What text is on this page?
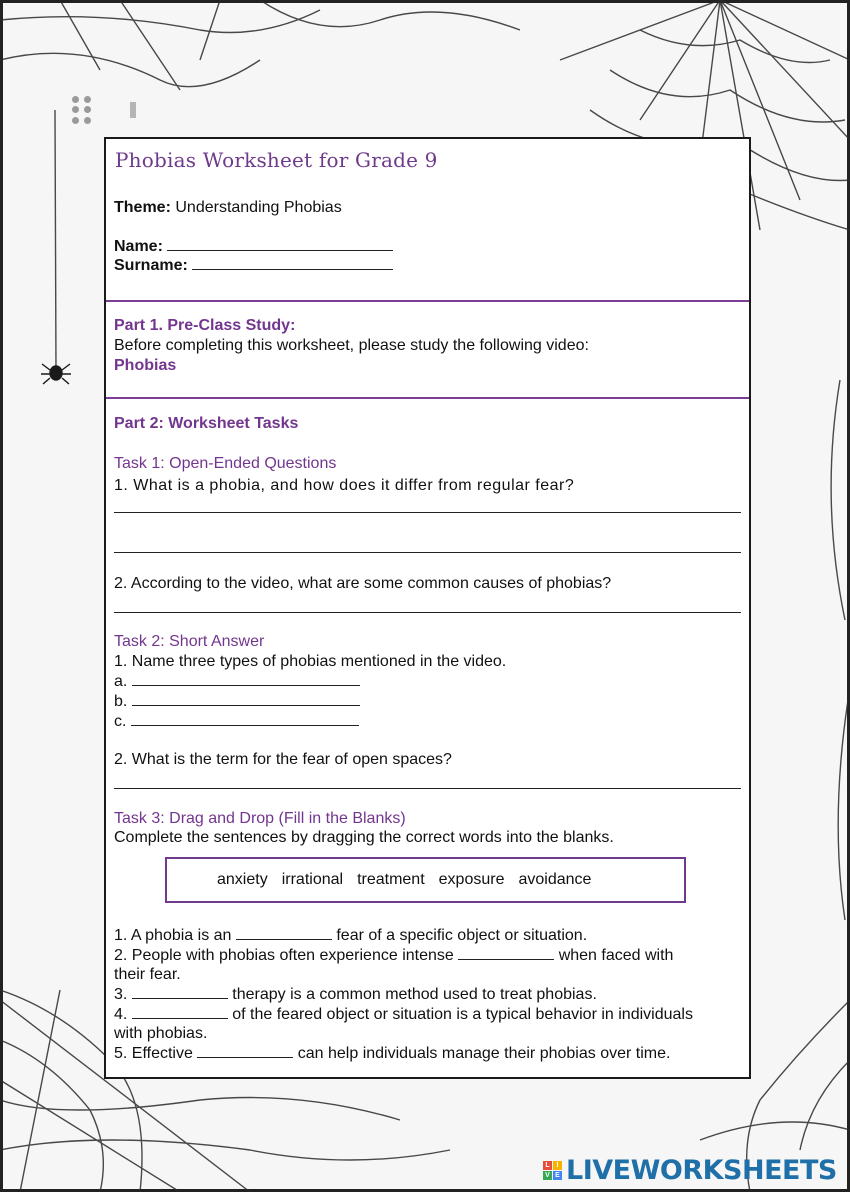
Phobias Worksheet for Grade 9
Theme: Understanding Phobias
Name:
Surname:
Part 1. Pre-Class Study:
Before completing this worksheet, please study the following video:
Phobias
Part 2: Worksheet Tasks
Task 1: Open-Ended Questions
1. What is a phobia, and how does it differ from regular fear?
2. According to the video, what are some common causes of phobias?
Task 2: Short Answer
1. Name three types of phobias mentioned in the video.
a.
b.
c.
2. What is the term for the fear of open spaces?
Task 3: Drag and Drop (Fill in the Blanks)
Complete the sentences by dragging the correct words into the blanks.
anxiety irrational treatment exposure avoidance
1. A phobia is an	fear of a specific object or situation.
2. People with phobias often experience intense	when faced with
their fear.
3.	therapy is a common method used to treat phobias.
4.	of the feared object or situation is a typical behavior in individuals
with phobias.
5. Effective	can help individuals manage their phobias over time.
L I
V E LIVEWORKSHEETS
